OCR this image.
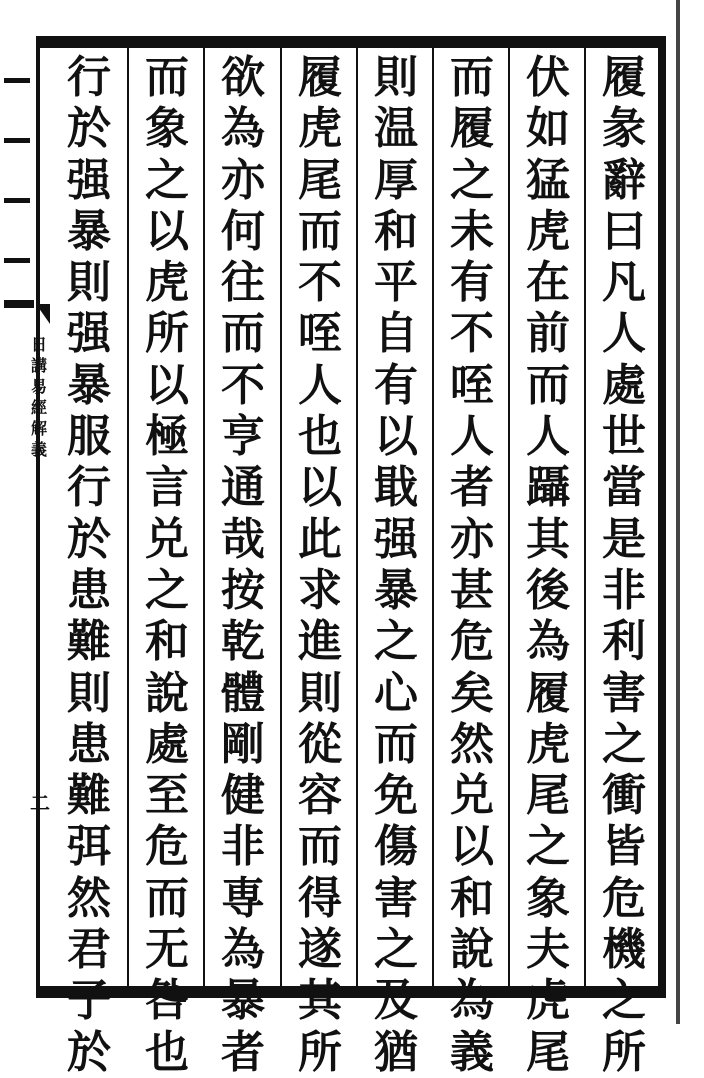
日
講
易
經
解
義
二
履
彖
辭
曰
凡
人
處
世
當
是
非
利
害
之
衝
皆
危
機
之
所
伏
如
猛
虎
在
前
而
人
躡
其
後
為
履
虎
尾
之
象
夫
虎
尾
而
履
之
未
有
不
咥
人
者
亦
甚
危
矣
然
兑
以
和
說
為
義
則
温
厚
和
平
自
有
以
戢
强
暴
之
心
而
免
傷
害
之
及
猶
履
虎
尾
而
不
咥
人
也
以
此
求
進
則
從
容
而
得
遂
其
所
欲
為
亦
何
往
而
不
亨
通
哉
按
乾
體
剛
健
非
専
為
暴
者
而
象
之
以
虎
所
以
極
言
兑
之
和
說
處
至
危
而
无
咎
也
行
於
强
暴
則
强
暴
服
行
於
患
難
則
患
難
弭
然
君
子
於
